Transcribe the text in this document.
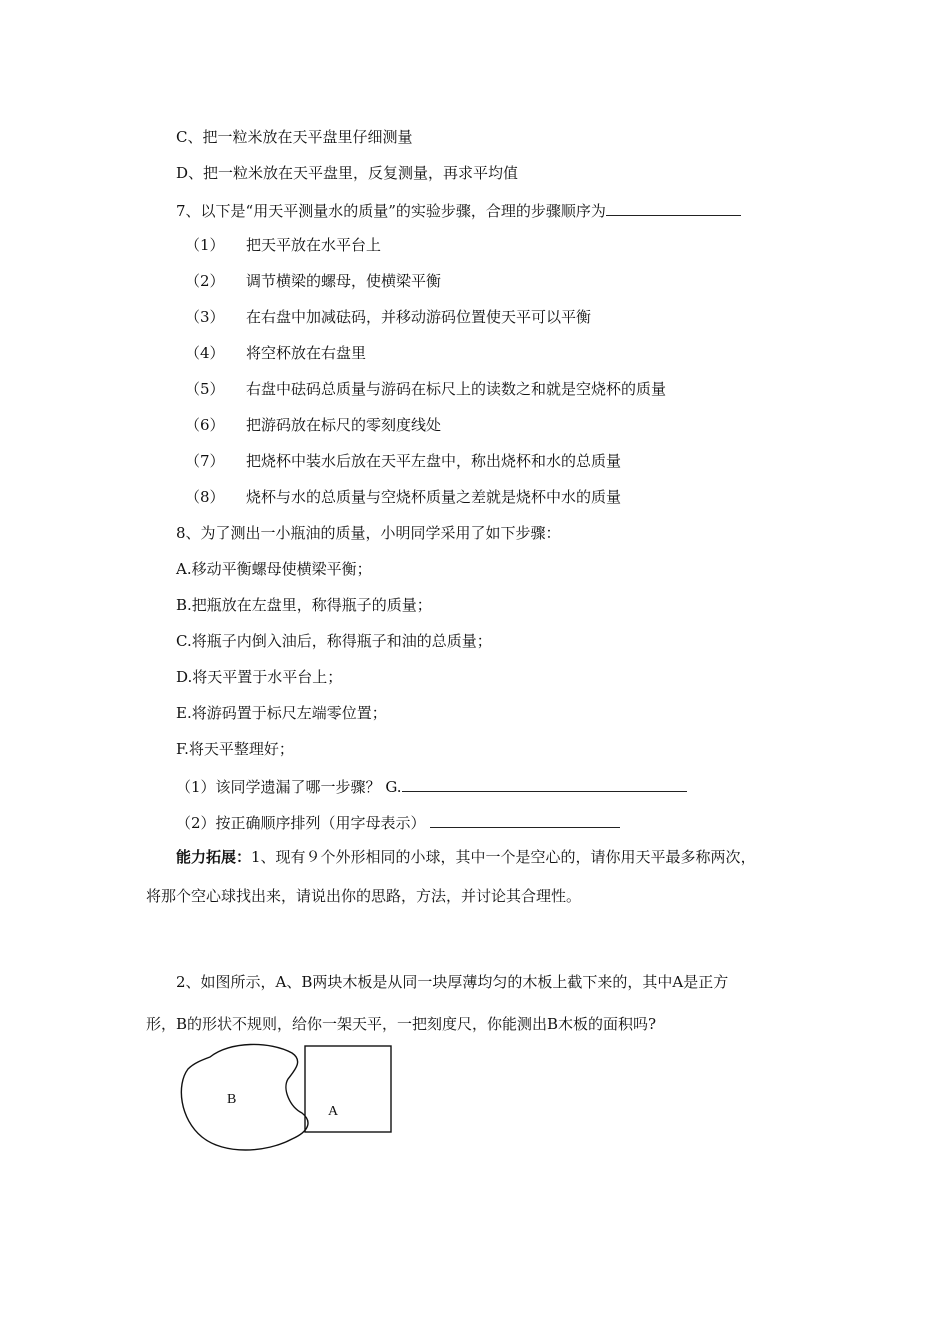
C、把一粒米放在天平盘里仔细测量
D、把一粒米放在天平盘里，反复测量，再求平均值
7、以下是“用天平测量水的质量”的实验步骤，合理的步骤顺序为
（1） 把天平放在水平台上
（2） 调节横梁的螺母，使横梁平衡
（3） 在右盘中加减砝码，并移动游码位置使天平可以平衡
（4） 将空杯放在右盘里
（5） 右盘中砝码总质量与游码在标尺上的读数之和就是空烧杯的质量
（6） 把游码放在标尺的零刻度线处
（7） 把烧杯中装水后放在天平左盘中，称出烧杯和水的总质量
（8） 烧杯与水的总质量与空烧杯质量之差就是烧杯中水的质量
8、为了测出一小瓶油的质量，小明同学采用了如下步骤：
A.移动平衡螺母使横梁平衡；
B.把瓶放在左盘里，称得瓶子的质量；
C.将瓶子内倒入油后，称得瓶子和油的总质量；
D.将天平置于水平台上；
E.将游码置于标尺左端零位置；
F.将天平整理好；
（1）该同学遗漏了哪一步骤？ G.
（2）按正确顺序排列（用字母表示）
能力拓展：1、现有９个外形相同的小球，其中一个是空心的，请你用天平最多称两次，
将那个空心球找出来，请说出你的思路，方法，并讨论其合理性。
2、如图所示，A、B两块木板是从同一块厚薄均匀的木板上截下来的，其中A是正方
形，B的形状不规则，给你一架天平，一把刻度尺，你能测出B木板的面积吗?
B
A
